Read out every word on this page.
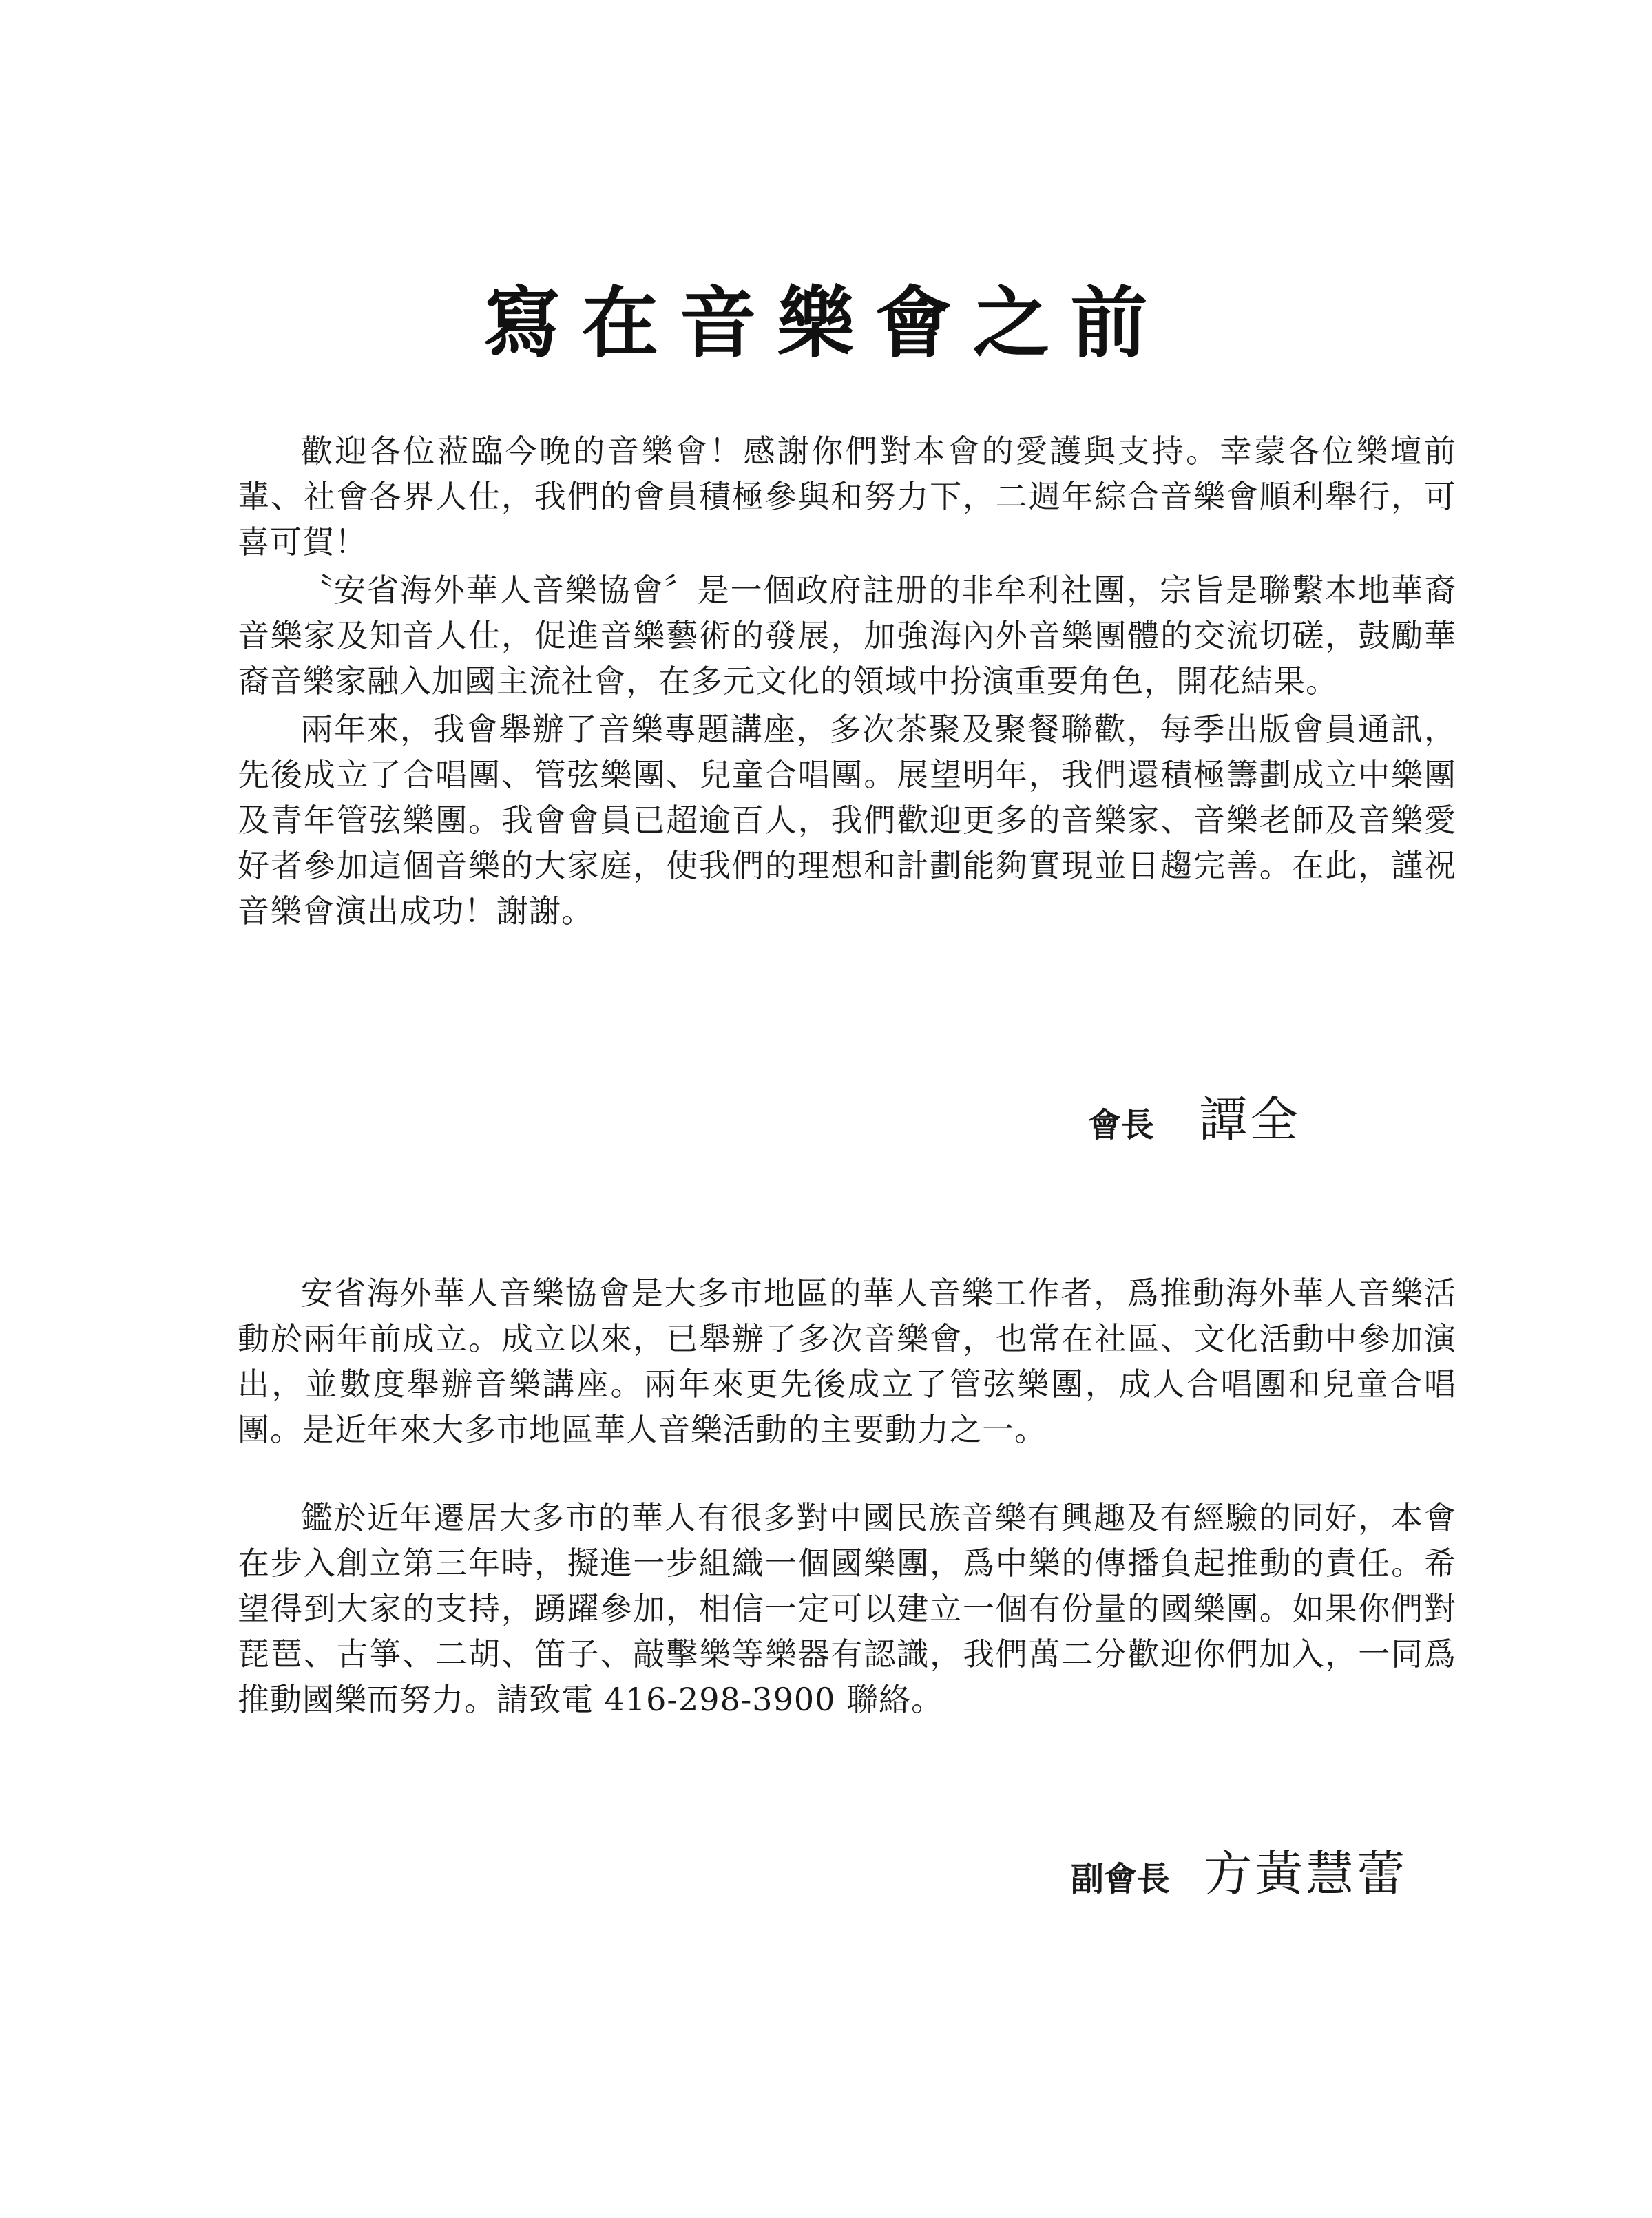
寫在音樂會之前

歡迎各位蒞臨今晚的音樂會！感謝你們對本會的愛護與支持。幸蒙各位樂壇前輩、社會各界人仕，我們的會員積極參與和努力下，二週年綜合音樂會順利舉行，可喜可賀！

〝安省海外華人音樂協會〞是一個政府註册的非牟利社團，宗旨是聯繫本地華裔音樂家及知音人仕，促進音樂藝術的發展，加強海內外音樂團體的交流切磋，鼓勵華裔音樂家融入加國主流社會，在多元文化的領域中扮演重要角色，開花結果。

兩年來，我會舉辦了音樂專題講座，多次茶聚及聚餐聯歡，每季出版會員通訊，先後成立了合唱團、管弦樂團、兒童合唱團。展望明年，我們還積極籌劃成立中樂團及青年管弦樂團。我會會員已超逾百人，我們歡迎更多的音樂家、音樂老師及音樂愛好者參加這個音樂的大家庭，使我們的理想和計劃能夠實現並日趨完善。在此，謹祝音樂會演出成功！謝謝。

會長 譚全

安省海外華人音樂協會是大多市地區的華人音樂工作者，爲推動海外華人音樂活動於兩年前成立。成立以來，已舉辦了多次音樂會，也常在社區、文化活動中參加演出，並數度舉辦音樂講座。兩年來更先後成立了管弦樂團，成人合唱團和兒童合唱團。是近年來大多市地區華人音樂活動的主要動力之一。

鑑於近年遷居大多市的華人有很多對中國民族音樂有興趣及有經驗的同好，本會在步入創立第三年時，擬進一步組織一個國樂團，爲中樂的傳播負起推動的責任。希望得到大家的支持，踴躍參加，相信一定可以建立一個有份量的國樂團。如果你們對琵琶、古箏、二胡、笛子、敲擊樂等樂器有認識，我們萬二分歡迎你們加入，一同爲推動國樂而努力。請致電 416-298-3900 聯絡。

副會長 方黃慧蕾
